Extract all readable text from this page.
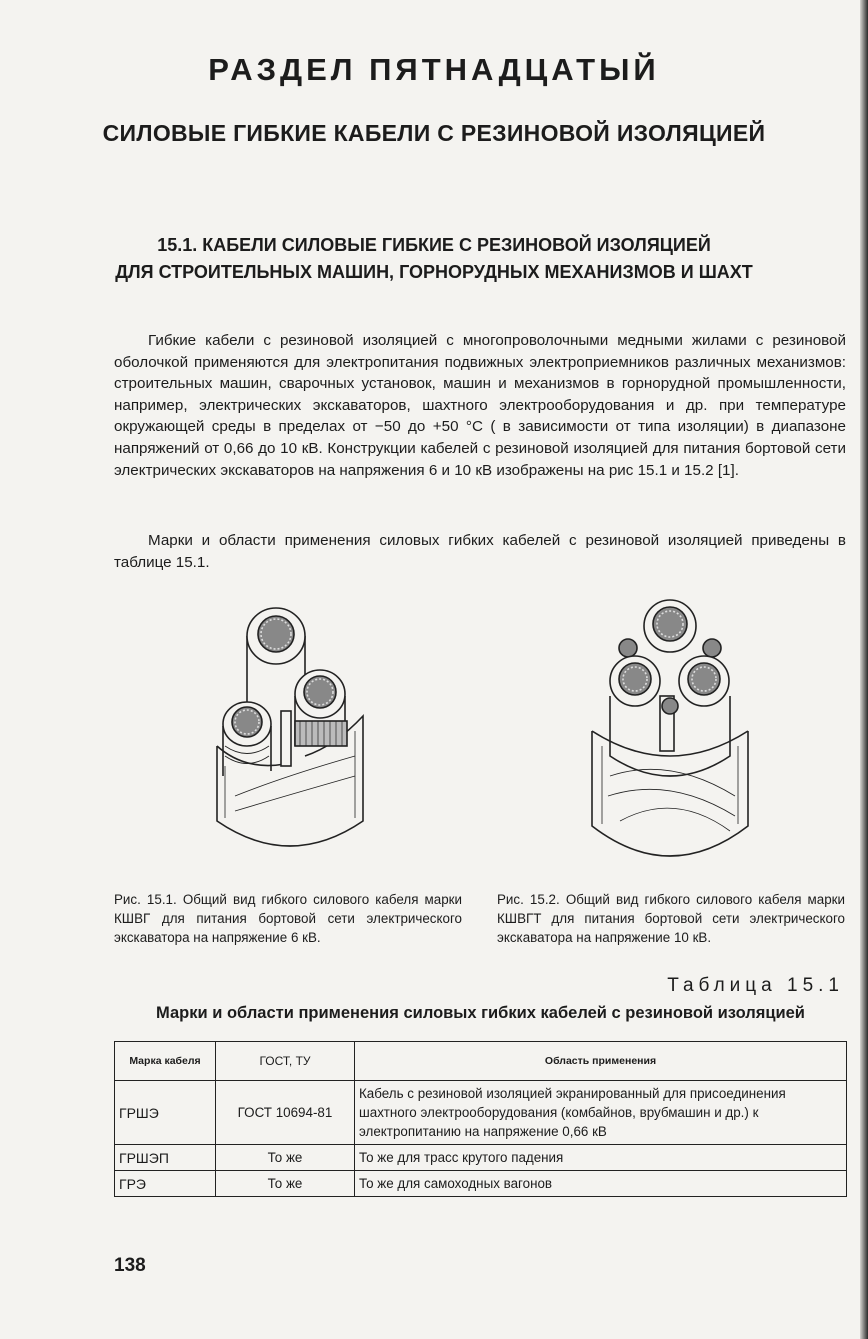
РАЗДЕЛ ПЯТНАДЦАТЫЙ
СИЛОВЫЕ ГИБКИЕ КАБЕЛИ С РЕЗИНОВОЙ ИЗОЛЯЦИЕЙ
15.1. КАБЕЛИ СИЛОВЫЕ ГИБКИЕ С РЕЗИНОВОЙ ИЗОЛЯЦИЕЙ
ДЛЯ СТРОИТЕЛЬНЫХ МАШИН, ГОРНОРУДНЫХ МЕХАНИЗМОВ И ШАХТ

Гибкие кабели с резиновой изоляцией с многопроволочными медными жилами с резиновой оболочкой применяются для электропитания подвижных электроприемников различных механизмов: строительных машин, сварочных установок, машин и механизмов в горнорудной промышленности, например, электрических экскаваторов, шахтного электрооборудования и др. при температуре окружающей среды в пределах от −50 до +50 °С ( в зависимости от типа изоляции) в диапазоне напряжений от 0,66 до 10 кВ. Конструкции кабелей с резиновой изоляцией для питания бортовой сети электрических экскаваторов на напряжения 6 и 10 кВ изображены на рис 15.1 и 15.2 [1].

Марки и области применения силовых гибких кабелей с резиновой изоляцией приведены в таблице 15.1.

Рис. 15.1. Общий вид гибкого силового кабеля марки КШВГ для питания бортовой сети электрического экскаватора на напряжение 6 кВ.
Рис. 15.2. Общий вид гибкого силового кабеля марки КШВГТ для питания бортовой сети электрического экскаватора на напряжение 10 кВ.
Таблица 15.1
Марки и области применения силовых гибких кабелей с резиновой изоляцией
Марка кабеля	ГОСТ, ТУ	Область применения
ГРШЭ	ГОСТ 10694-81	Кабель с резиновой изоляцией экранированный для присоединения шахтного электрооборудования (комбайнов, врубмашин и др.) к электропитанию на напряжение 0,66 кВ
ГРШЭП	То же	То же для трасс крутого падения
ГРЭ	То же	То же для самоходных вагонов
138
